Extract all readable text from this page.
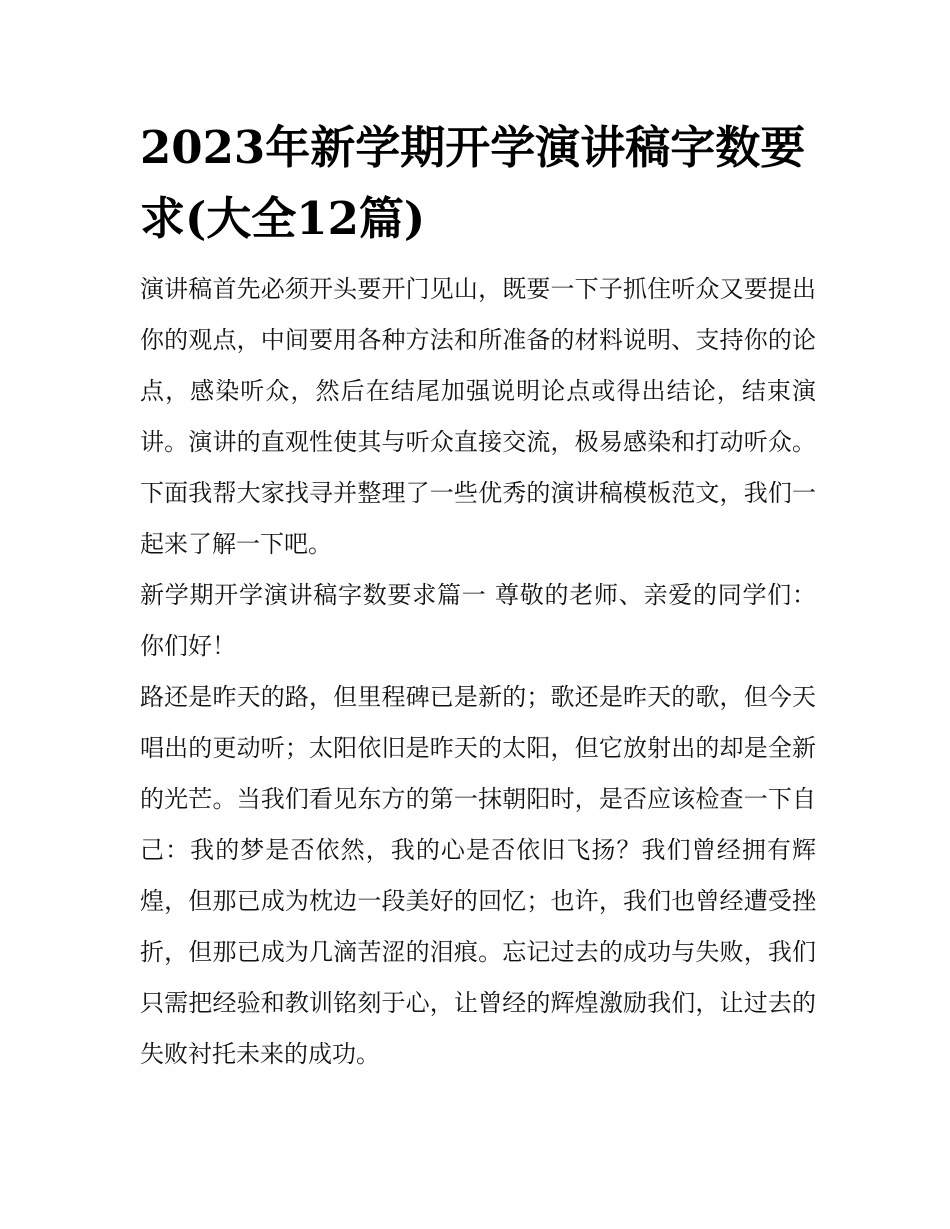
2023年新学期开学演讲稿字数要求(大全12篇)

演讲稿首先必须开头要开门见山，既要一下子抓住听众又要提出你的观点，中间要用各种方法和所准备的材料说明、支持你的论点，感染听众，然后在结尾加强说明论点或得出结论，结束演讲。演讲的直观性使其与听众直接交流，极易感染和打动听众。下面我帮大家找寻并整理了一些优秀的演讲稿模板范文，我们一起来了解一下吧。

新学期开学演讲稿字数要求篇一 尊敬的老师、亲爱的同学们： 你们好！

路还是昨天的路，但里程碑已是新的；歌还是昨天的歌，但今天唱出的更动听；太阳依旧是昨天的太阳，但它放射出的却是全新的光芒。当我们看见东方的第一抹朝阳时，是否应该检查一下自己：我的梦是否依然，我的心是否依旧飞扬？我们曾经拥有辉煌，但那已成为枕边一段美好的回忆；也许，我们也曾经遭受挫折，但那已成为几滴苦涩的泪痕。忘记过去的成功与失败，我们只需把经验和教训铭刻于心，让曾经的辉煌激励我们，让过去的失败衬托未来的成功。
